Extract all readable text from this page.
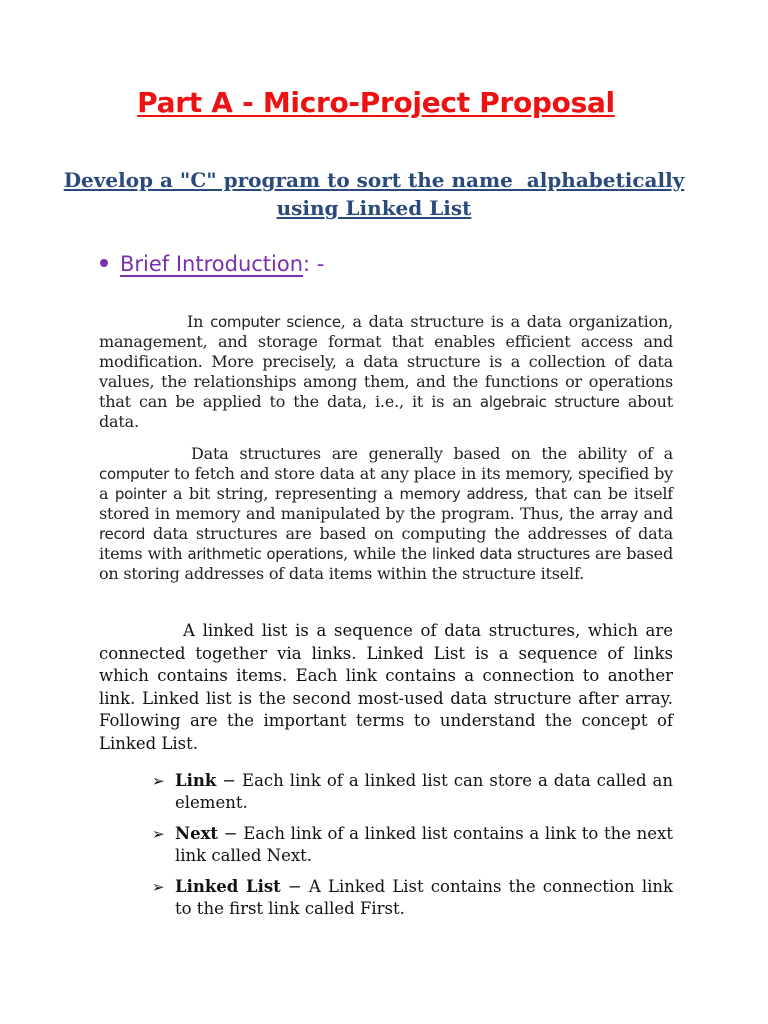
Part A - Micro-Project Proposal
Develop a "C" program to sort the name  alphabetically
using Linked List
Brief Introduction: -

In computer science, a data structure is a data organization, management, and storage format that enables efficient access and modification. More precisely, a data structure is a collection of data values, the relationships among them, and the functions or operations that can be applied to the data, i.e., it is an algebraic structure about data.

Data structures are generally based on the ability of a computer to fetch and store data at any place in its memory, specified by a pointer a bit string, representing a memory address, that can be itself stored in memory and manipulated by the program. Thus, the array and record data structures are based on computing the addresses of data items with arithmetic operations, while the linked data structures are based on storing addresses of data items within the structure itself.

A linked list is a sequence of data structures, which are connected together via links. Linked List is a sequence of links which contains items. Each link contains a connection to another link. Linked list is the second most-used data structure after array. Following are the important terms to understand the concept of Linked List.

➢ Link − Each link of a linked list can store a data called an element.
➢ Next − Each link of a linked list contains a link to the next link called Next.
➢ Linked List − A Linked List contains the connection link to the first link called First.
